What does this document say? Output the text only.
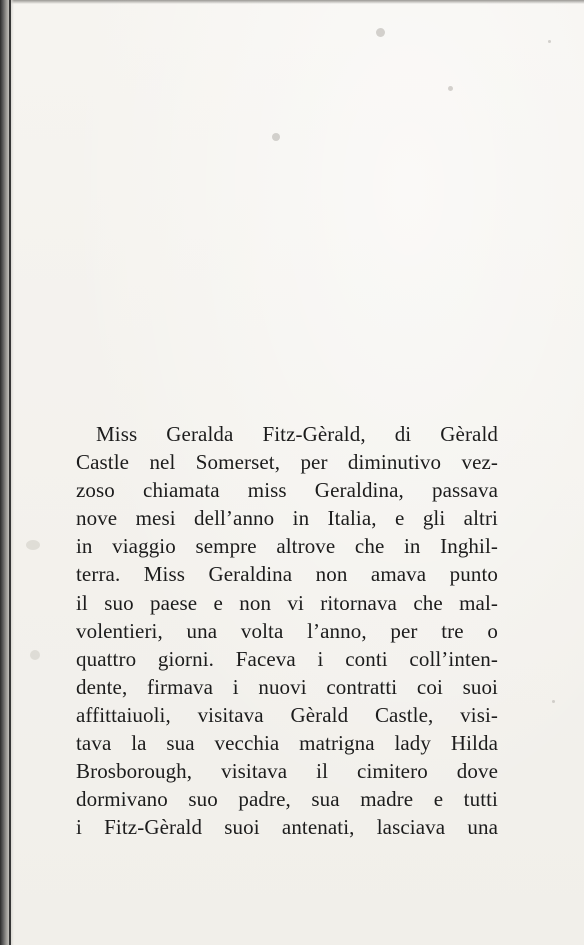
Miss Geralda Fitz-Gèrald, di Gèrald
Castle nel Somerset, per diminutivo vez-
zoso chiamata miss Geraldina, passava
nove mesi dell’anno in Italia, e gli altri
in viaggio sempre altrove che in Inghil-
terra. Miss Geraldina non amava punto
il suo paese e non vi ritornava che mal-
volentieri, una volta l’anno, per tre o
quattro giorni. Faceva i conti coll’inten-
dente, firmava i nuovi contratti coi suoi
affittaiuoli, visitava Gèrald Castle, visi-
tava la sua vecchia matrigna lady Hilda
Brosborough, visitava il cimitero dove
dormivano suo padre, sua madre e tutti
i Fitz-Gèrald suoi antenati, lasciava una
